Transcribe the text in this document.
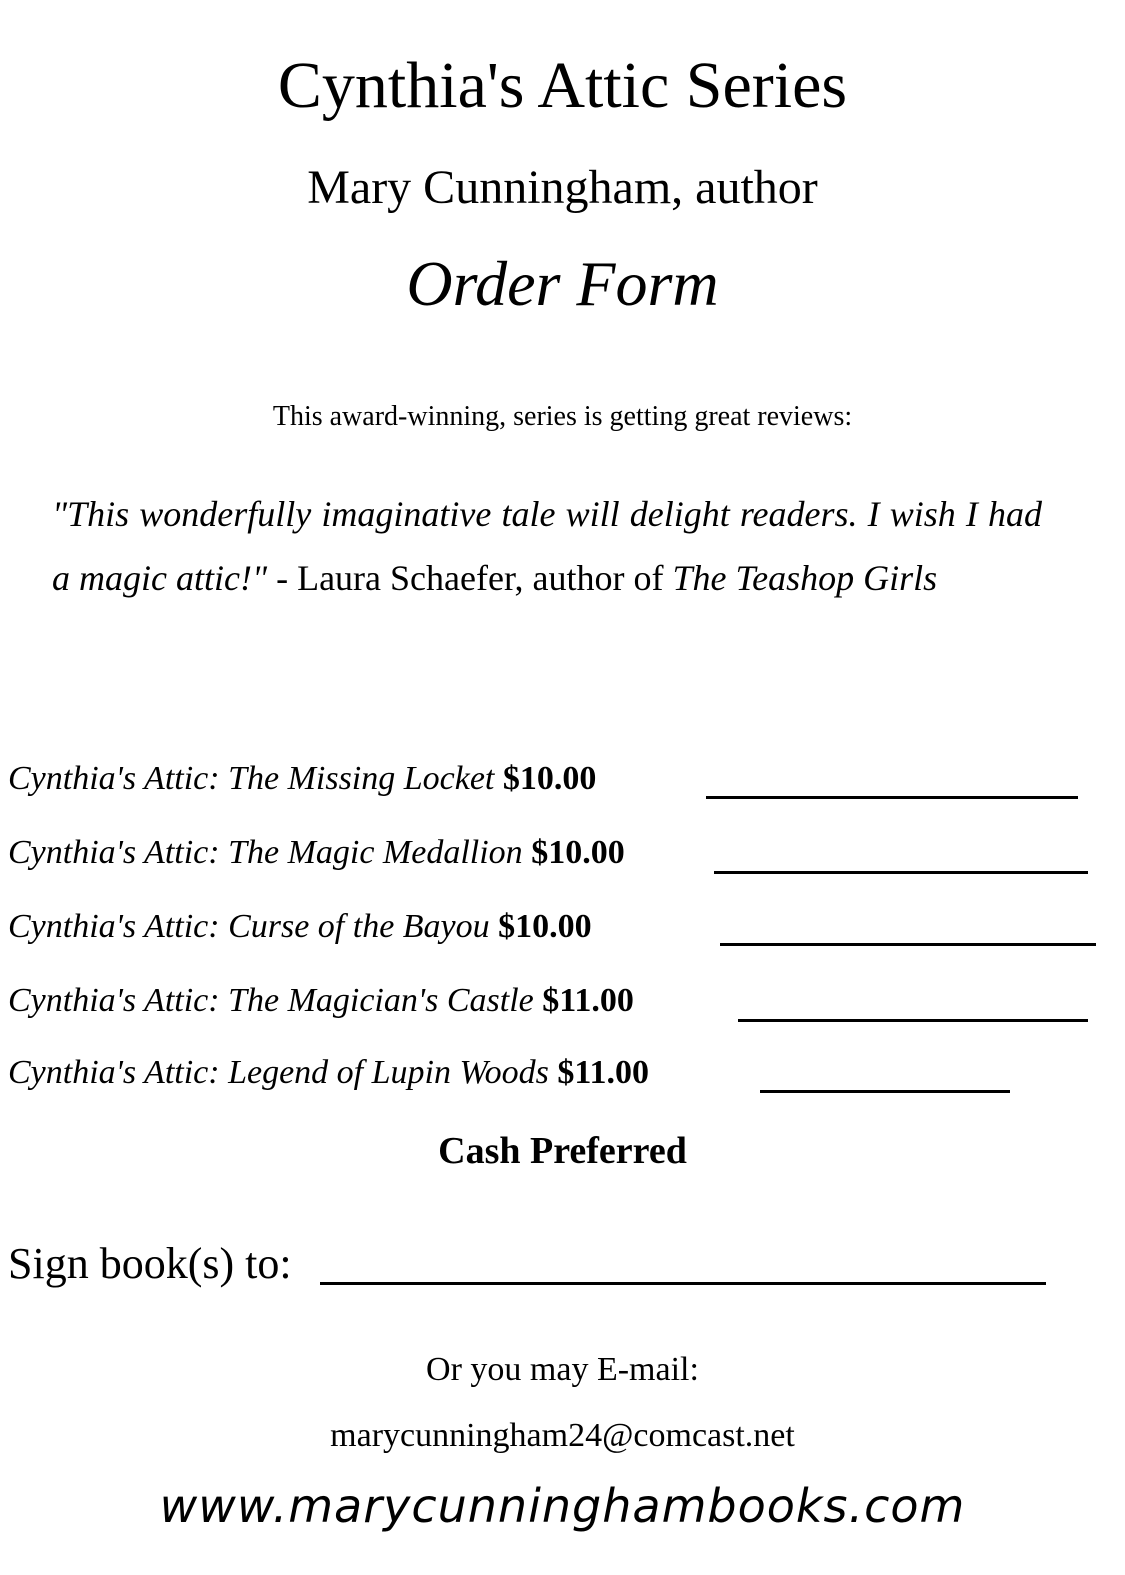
Cynthia's Attic Series
Mary Cunningham, author
Order Form
This award-winning, series is getting great reviews:
"This wonderfully imaginative tale will delight readers. I wish I had a magic attic!" - Laura Schaefer, author of The Teashop Girls
Cynthia's Attic: The Missing Locket $10.00
Cynthia's Attic: The Magic Medallion $10.00
Cynthia's Attic: Curse of the Bayou $10.00
Cynthia's Attic: The Magician's Castle $11.00
Cynthia's Attic: Legend of Lupin Woods $11.00
Cash Preferred
Sign book(s) to:
Or you may E-mail:
marycunningham24@comcast.net
www.marycunninghambooks.com
